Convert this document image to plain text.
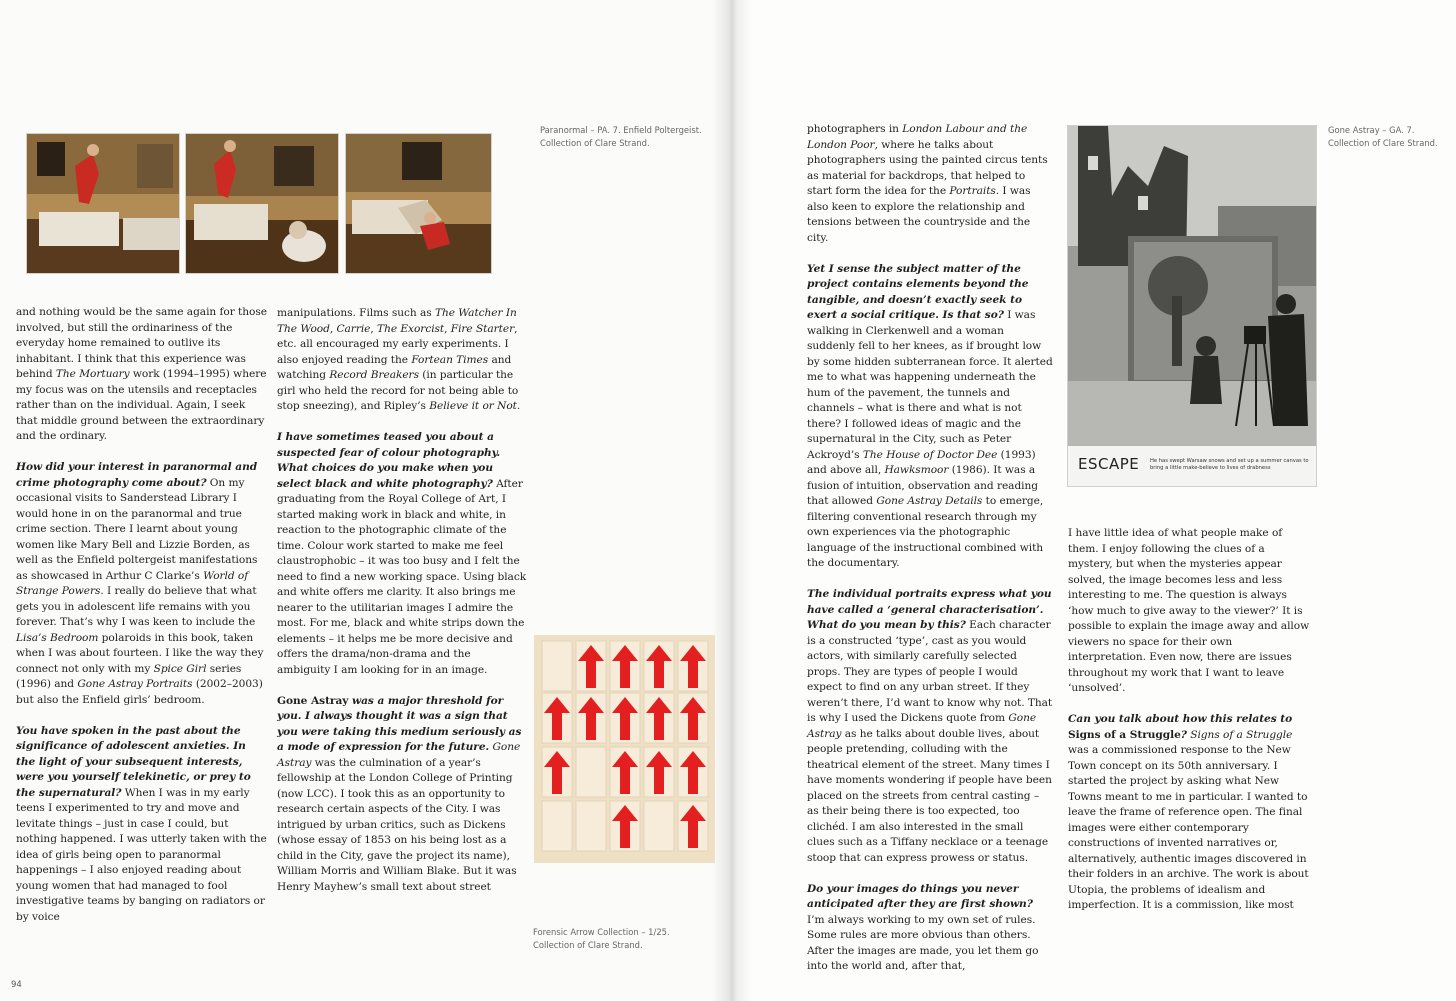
Paranormal – PA. 7. Enfield Poltergeist.
Collection of Clare Strand.

and nothing would be the same again for those involved, but still the ordinariness of the everyday home remained to outlive its inhabitant. I think that this experience was behind The Mortuary work (1994–1995) where my focus was on the utensils and receptacles rather than on the individual. Again, I seek that middle ground between the extraordinary and the ordinary.

How did your interest in paranormal and crime photography come about? On my occasional visits to Sanderstead Library I would hone in on the paranormal and true crime section. There I learnt about young women like Mary Bell and Lizzie Borden, as well as the Enfield poltergeist manifestations as showcased in Arthur C Clarke’s World of Strange Powers. I really do believe that what gets you in adolescent life remains with you forever. That’s why I was keen to include the Lisa’s Bedroom polaroids in this book, taken when I was about fourteen. I like the way they connect not only with my Spice Girl series (1996) and Gone Astray Portraits (2002–2003) but also the Enfield girls’ bedroom.

You have spoken in the past about the significance of adolescent anxieties. In the light of your subsequent interests, were you yourself telekinetic, or prey to the supernatural? When I was in my early teens I experimented to try and move and levitate things – just in case I could, but nothing happened. I was utterly taken with the idea of girls being open to paranormal happenings – I also enjoyed reading about young women that had managed to fool investigative teams by banging on radiators or by voice

manipulations. Films such as The Watcher In The Wood, Carrie, The Exorcist, Fire Starter, etc. all encouraged my early experiments. I also enjoyed reading the Fortean Times and watching Record Breakers (in particular the girl who held the record for not being able to stop sneezing), and Ripley’s Believe it or Not.

I have sometimes teased you about a suspected fear of colour photography. What choices do you make when you select black and white photography? After graduating from the Royal College of Art, I started making work in black and white, in reaction to the photographic climate of the time. Colour work started to make me feel claustrophobic – it was too busy and I felt the need to find a new working space. Using black and white offers me clarity. It also brings me nearer to the utilitarian images I admire the most. For me, black and white strips down the elements – it helps me be more decisive and offers the drama/non-drama and the ambiguity I am looking for in an image.

Gone Astray was a major threshold for you. I always thought it was a sign that you were taking this medium seriously as a mode of expression for the future. Gone Astray was the culmination of a year’s fellowship at the London College of Printing (now LCC). I took this as an opportunity to research certain aspects of the City. I was intrigued by urban critics, such as Dickens (whose essay of 1853 on his being lost as a child in the City, gave the project its name), William Morris and William Blake. But it was Henry Mayhew’s small text about street

Forensic Arrow Collection – 1/25.
Collection of Clare Strand.
94

photographers in London Labour and the London Poor, where he talks about photographers using the painted circus tents as material for backdrops, that helped to start form the idea for the Portraits. I was also keen to explore the relationship and tensions between the countryside and the city.

Yet I sense the subject matter of the project contains elements beyond the tangible, and doesn’t exactly seek to exert a social critique. Is that so? I was walking in Clerkenwell and a woman suddenly fell to her knees, as if brought low by some hidden subterranean force. It alerted me to what was happening underneath the hum of the pavement, the tunnels and channels – what is there and what is not there? I followed ideas of magic and the supernatural in the City, such as Peter Ackroyd’s The House of Doctor Dee (1993) and above all, Hawksmoor (1986). It was a fusion of intuition, observation and reading that allowed Gone Astray Details to emerge, filtering conventional research through my own experiences via the photographic language of the instructional combined with the documentary.

The individual portraits express what you have called a ‘general characterisation’. What do you mean by this? Each character is a constructed ‘type’, cast as you would actors, with similarly carefully selected props. They are types of people I would expect to find on any urban street. If they weren’t there, I’d want to know why not. That is why I used the Dickens quote from Gone Astray as he talks about double lives, about people pretending, colluding with the theatrical element of the street. Many times I have moments wondering if people have been placed on the streets from central casting – as their being there is too expected, too clichéd. I am also interested in the small clues such as a Tiffany necklace or a teenage stoop that can express prowess or status.

Do your images do things you never anticipated after they are first shown? I’m always working to my own set of rules. Some rules are more obvious than others. After the images are made, you let them go into the world and, after that,

I have little idea of what people make of them. I enjoy following the clues of a mystery, but when the mysteries appear solved, the image becomes less and less interesting to me. The question is always ‘how much to give away to the viewer?’ It is possible to explain the image away and allow viewers no space for their own interpretation. Even now, there are issues throughout my work that I want to leave ‘unsolved’.

Can you talk about how this relates to Signs of a Struggle? Signs of a Struggle was a commissioned response to the New Town concept on its 50th anniversary. I started the project by asking what New Towns meant to me in particular. I wanted to leave the frame of reference open. The final images were either contemporary constructions of invented narratives or, alternatively, authentic images discovered in their folders in an archive. The work is about Utopia, the problems of idealism and imperfection. It is a commission, like most

ESCAPE He has swept Warsaw snows and set up a summer canvas to bring a little make-believe to lives of drabness
Gone Astray – GA. 7.
Collection of Clare Strand.
